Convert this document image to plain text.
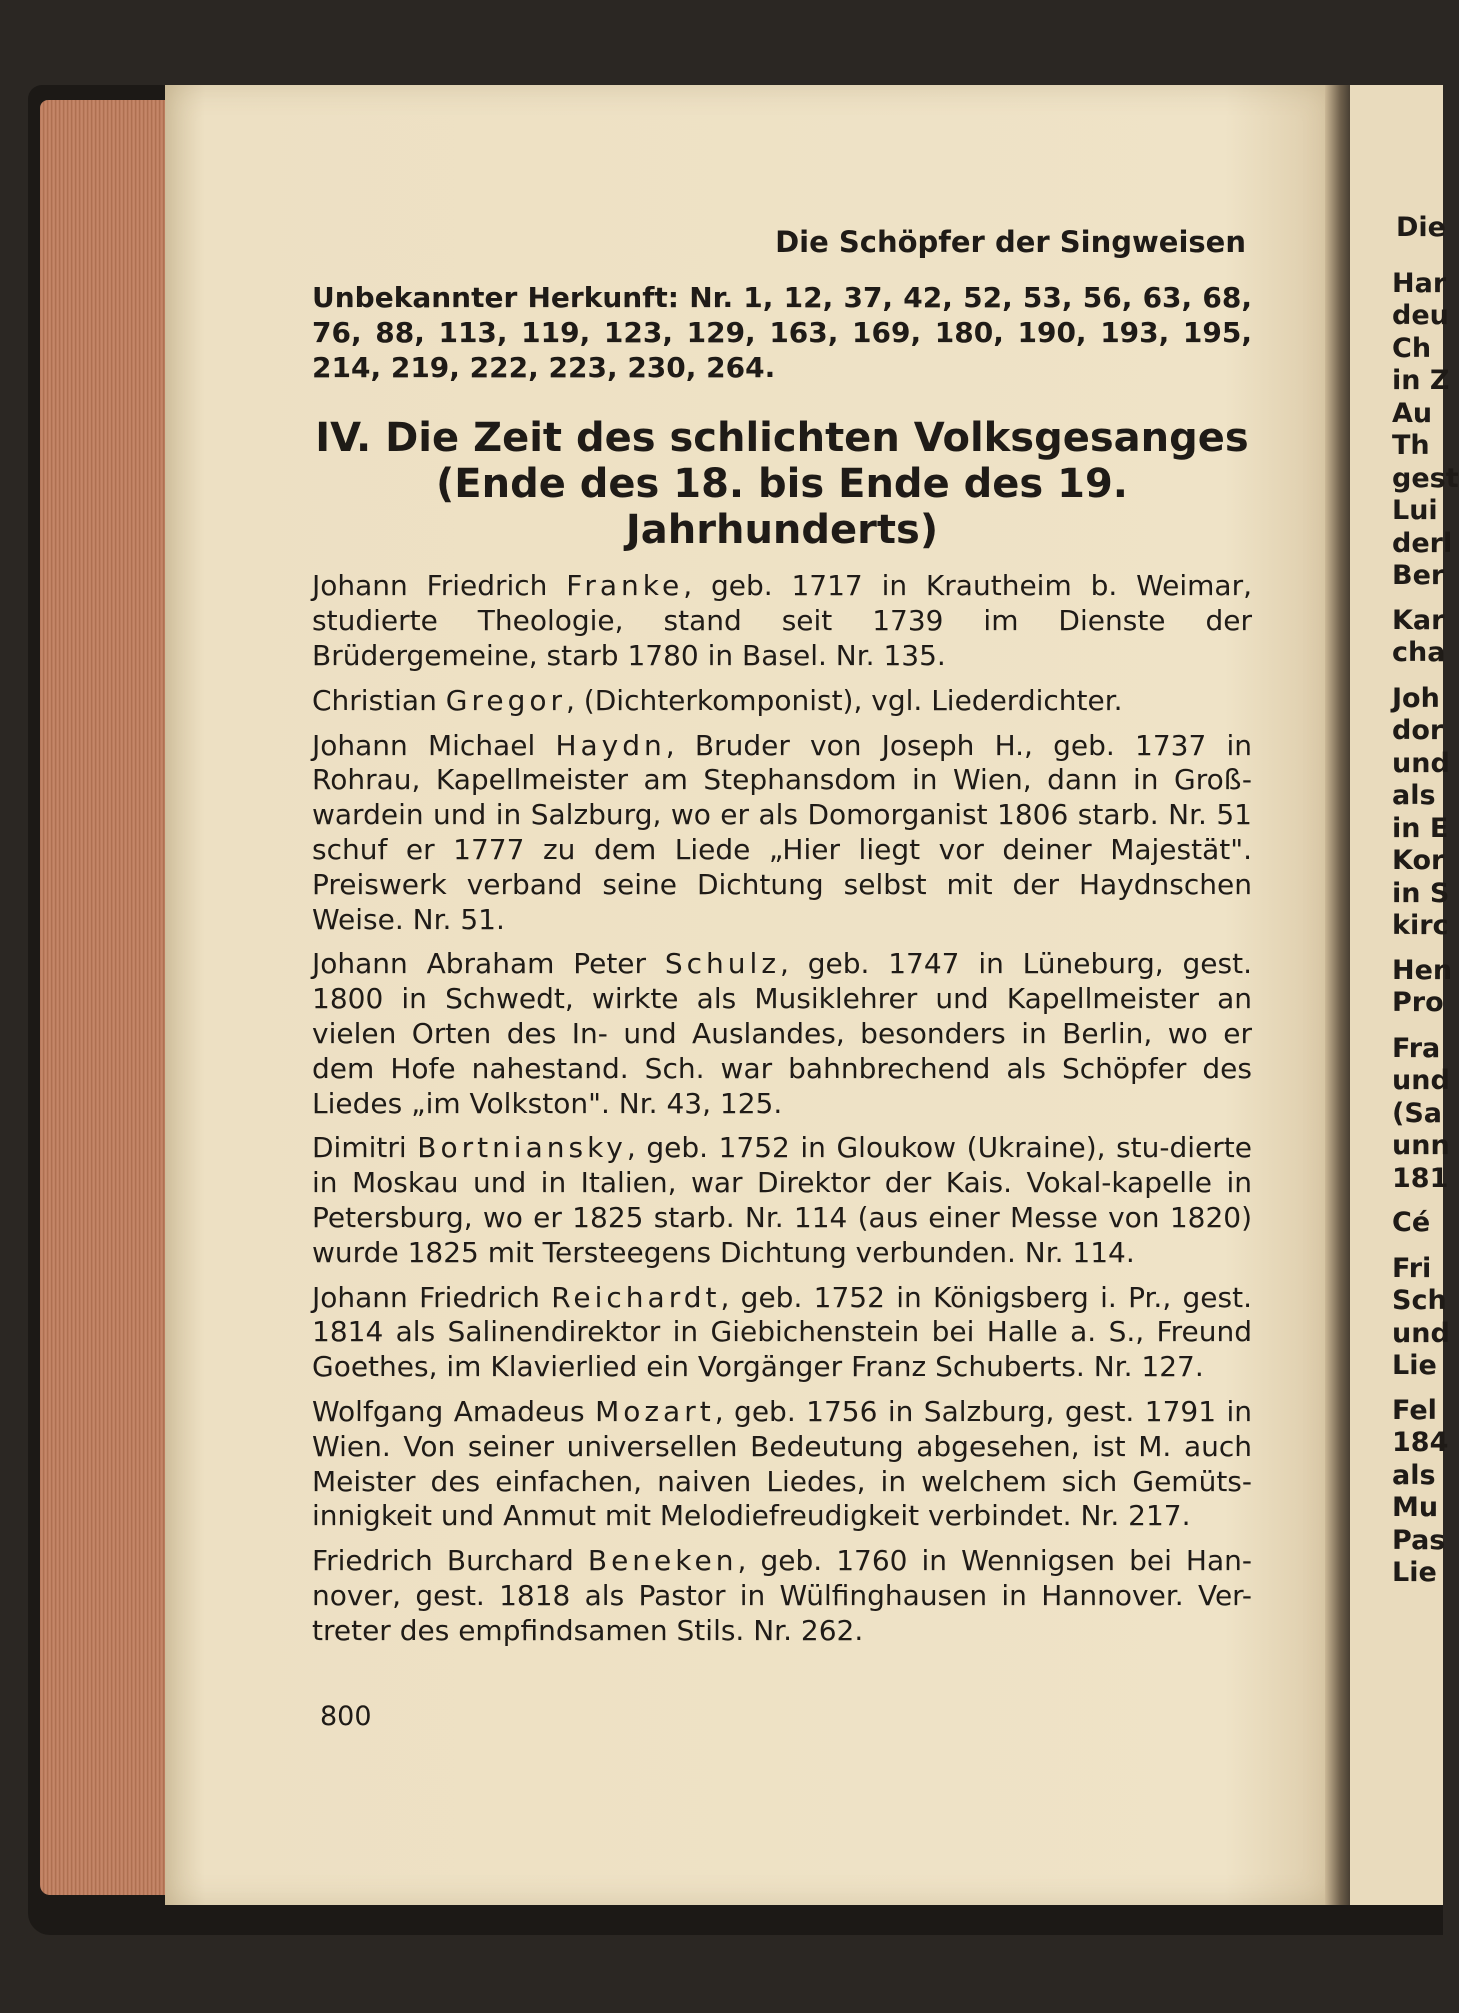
Die Schöpfer der Singweisen

Unbekannter Herkunft: Nr. 1, 12, 37, 42, 52, 53, 56, 63, 68, 76, 88, 113, 119, 123, 129, 163, 169, 180, 190, 193, 195, 214, 219, 222, 223, 230, 264.

IV. Die Zeit des schlichten Volksgesanges
(Ende des 18. bis Ende des 19. Jahrhunderts)

Johann Friedrich Franke, geb. 1717 in Krautheim b. Weimar, studierte Theologie, stand seit 1739 im Dienste der Brüdergemeine, starb 1780 in Basel. Nr. 135.

Christian Gregor, (Dichterkomponist), vgl. Liederdichter.

Johann Michael Haydn, Bruder von Joseph H., geb. 1737 in Rohrau, Kapellmeister am Stephansdom in Wien, dann in Groß-wardein und in Salzburg, wo er als Domorganist 1806 starb. Nr. 51 schuf er 1777 zu dem Liede „Hier liegt vor deiner Majestät". Preiswerk verband seine Dichtung selbst mit der Haydnschen Weise. Nr. 51.

Johann Abraham Peter Schulz, geb. 1747 in Lüneburg, gest. 1800 in Schwedt, wirkte als Musiklehrer und Kapellmeister an vielen Orten des In- und Auslandes, besonders in Berlin, wo er dem Hofe nahestand. Sch. war bahnbrechend als Schöpfer des Liedes „im Volkston". Nr. 43, 125.

Dimitri Bortniansky, geb. 1752 in Gloukow (Ukraine), stu-dierte in Moskau und in Italien, war Direktor der Kais. Vokal-kapelle in Petersburg, wo er 1825 starb. Nr. 114 (aus einer Messe von 1820) wurde 1825 mit Tersteegens Dichtung verbunden. Nr. 114.

Johann Friedrich Reichardt, geb. 1752 in Königsberg i. Pr., gest. 1814 als Salinendirektor in Giebichenstein bei Halle a. S., Freund Goethes, im Klavierlied ein Vorgänger Franz Schuberts. Nr. 127.

Wolfgang Amadeus Mozart, geb. 1756 in Salzburg, gest. 1791 in Wien. Von seiner universellen Bedeutung abgesehen, ist M. auch Meister des einfachen, naiven Liedes, in welchem sich Gemüts-innigkeit und Anmut mit Melodiefreudigkeit verbindet. Nr. 217.

Friedrich Burchard Beneken, geb. 1760 in Wennigsen bei Han-nover, gest. 1818 als Pastor in Wülfinghausen in Hannover. Ver-treter des empfindsamen Stils. Nr. 262.

800
Die
Har
deu
Ch
in Z
Au
Th
gest
Lui
derl
Ber
Kar
cha
Joh
dor
und
als
in E
Kor
in S
kirc
Hen
Pro
Fra
und
(Sa
unn
181
Cé
Fri
Sch
und
Lie
Fel
184
als
Mu
Pas
Lie
